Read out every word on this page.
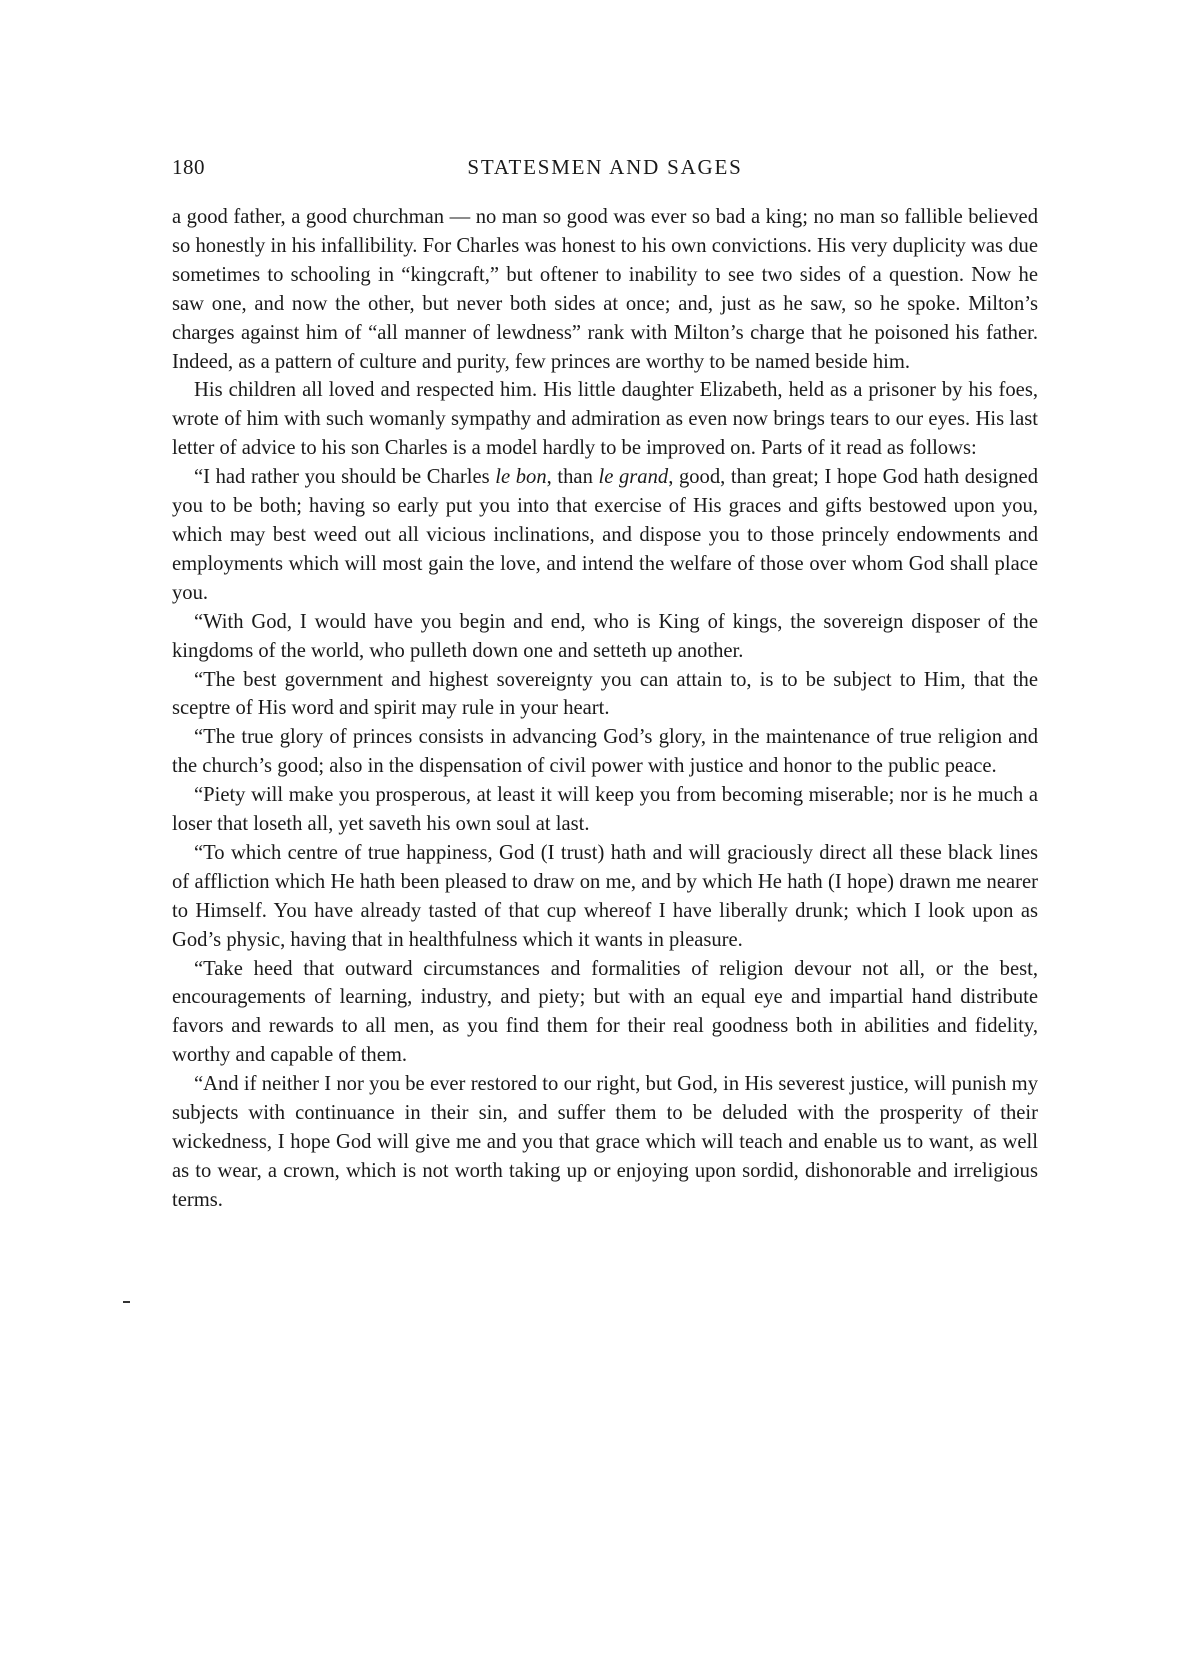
180	STATESMEN AND SAGES

a good father, a good churchman — no man so good was ever so bad a king; no man so fallible believed so honestly in his infallibility. For Charles was honest to his own convictions. His very duplicity was due sometimes to schooling in “kingcraft,” but oftener to inability to see two sides of a question. Now he saw one, and now the other, but never both sides at once; and, just as he saw, so he spoke. Milton’s charges against him of “all manner of lewdness” rank with Milton’s charge that he poisoned his father. Indeed, as a pattern of culture and purity, few princes are worthy to be named beside him.

His children all loved and respected him. His little daughter Elizabeth, held as a prisoner by his foes, wrote of him with such womanly sympathy and admiration as even now brings tears to our eyes. His last letter of advice to his son Charles is a model hardly to be improved on. Parts of it read as follows:

“I had rather you should be Charles le bon, than le grand, good, than great; I hope God hath designed you to be both; having so early put you into that exercise of His graces and gifts bestowed upon you, which may best weed out all vicious inclinations, and dispose you to those princely endowments and employments which will most gain the love, and intend the welfare of those over whom God shall place you.

“With God, I would have you begin and end, who is King of kings, the sovereign disposer of the kingdoms of the world, who pulleth down one and setteth up another.

“The best government and highest sovereignty you can attain to, is to be subject to Him, that the sceptre of His word and spirit may rule in your heart.

“The true glory of princes consists in advancing God’s glory, in the maintenance of true religion and the church’s good; also in the dispensation of civil power with justice and honor to the public peace.

“Piety will make you prosperous, at least it will keep you from becoming miserable; nor is he much a loser that loseth all, yet saveth his own soul at last.

“To which centre of true happiness, God (I trust) hath and will graciously direct all these black lines of affliction which He hath been pleased to draw on me, and by which He hath (I hope) drawn me nearer to Himself. You have already tasted of that cup whereof I have liberally drunk; which I look upon as God’s physic, having that in healthfulness which it wants in pleasure.

“Take heed that outward circumstances and formalities of religion devour not all, or the best, encouragements of learning, industry, and piety; but with an equal eye and impartial hand distribute favors and rewards to all men, as you find them for their real goodness both in abilities and fidelity, worthy and capable of them.

“And if neither I nor you be ever restored to our right, but God, in His severest justice, will punish my subjects with continuance in their sin, and suffer them to be deluded with the prosperity of their wickedness, I hope God will give me and you that grace which will teach and enable us to want, as well as to wear, a crown, which is not worth taking up or enjoying upon sordid, dishonorable and irreligious terms.
